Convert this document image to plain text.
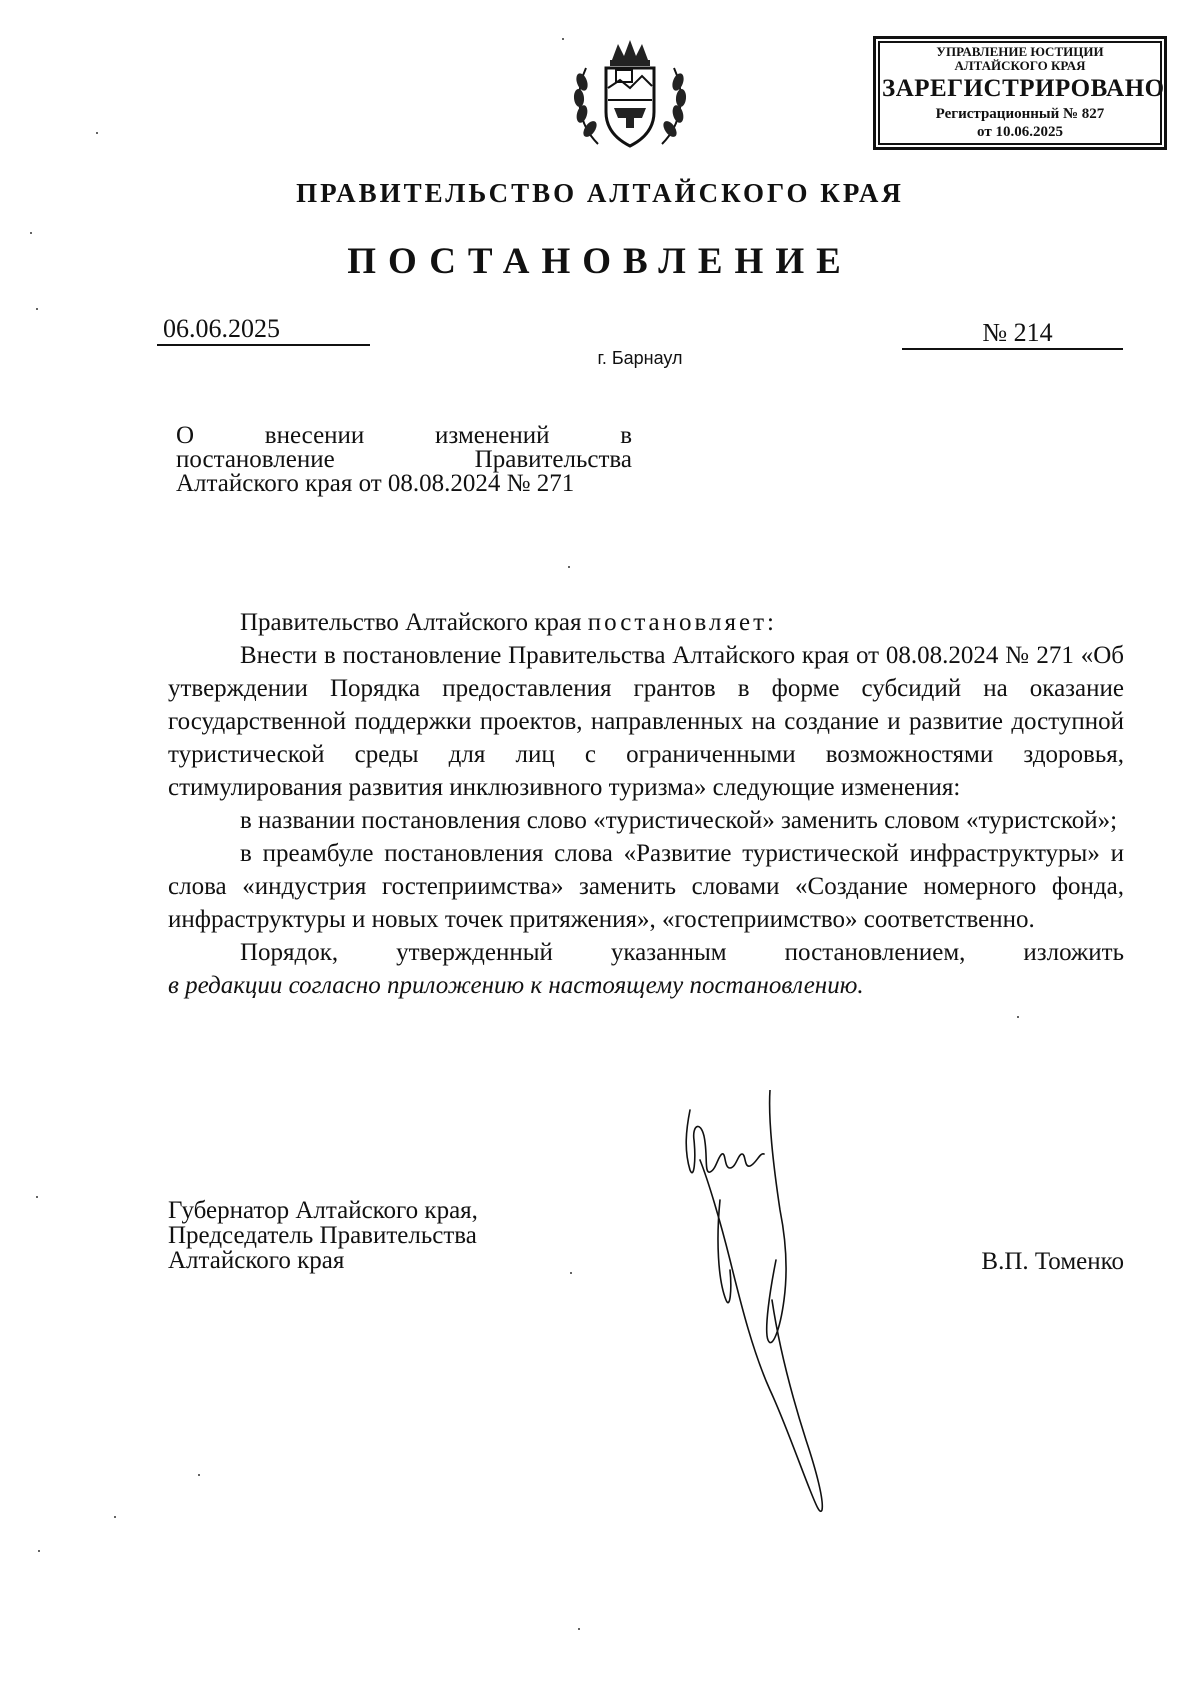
УПРАВЛЕНИЕ ЮСТИЦИИ
АЛТАЙСКОГО КРАЯ
ЗАРЕГИСТРИРОВАНО
Регистрационный № 827
от 10.06.2025
ПРАВИТЕЛЬСТВО АЛТАЙСКОГО КРАЯ
ПОСТАНОВЛЕНИЕ
06.06.2025	№ 214
г. Барнаул
О внесении изменений в
постановление Правительства
Алтайского края от 08.08.2024 № 271

Правительство Алтайского края постановляет:

Внести в постановление Правительства Алтайского края от 08.08.2024 № 271 «Об утверждении Порядка предоставления грантов в форме субсидий на оказание государственной поддержки проектов, направленных на создание и развитие доступной туристической среды для лиц с ограниченными возможностями здоровья, стимулирования развития инклюзивного туризма» следующие изменения:

в названии постановления слово «туристической» заменить словом «туристской»;

в преамбуле постановления слова «Развитие туристической инфраструктуры» и слова «индустрия гостеприимства» заменить словами «Создание номерного фонда, инфраструктуры и новых точек притяжения», «гостеприимство» соответственно.

Порядок, утвержденный указанным постановлением, изложить

в редакции согласно приложению к настоящему постановлению.

Губернатор Алтайского края,
Председатель Правительства
Алтайского края	В.П. Томенко
